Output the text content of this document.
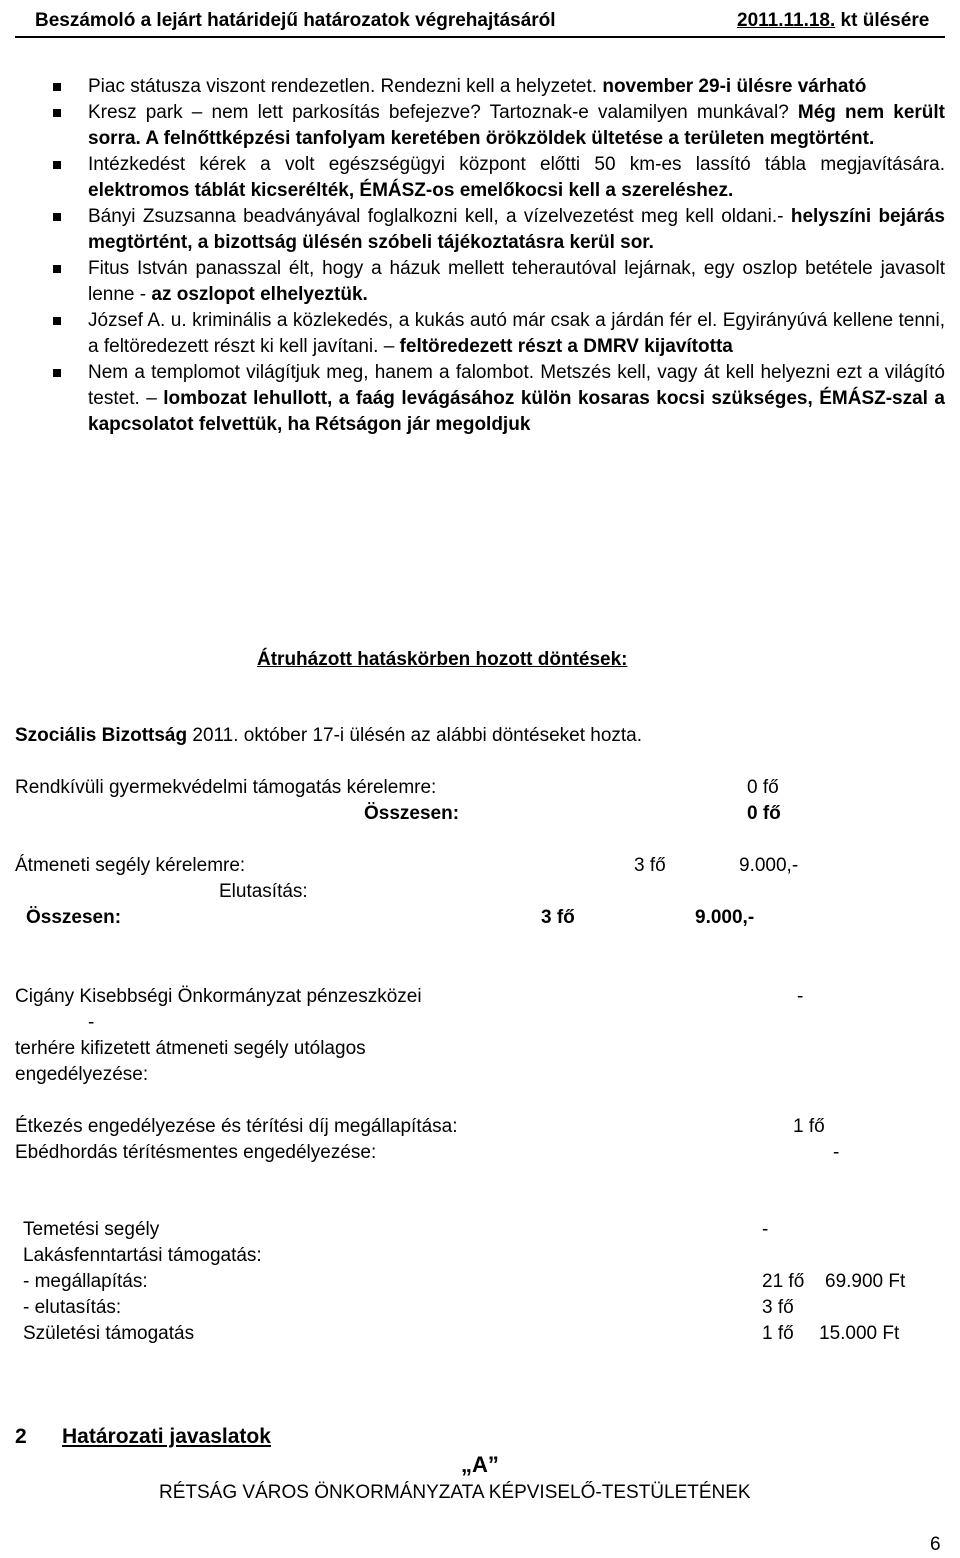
Beszámoló a lejárt határidejű határozatok végrehajtásáról	2011.11.18. kt ülésére
Piac státusza viszont rendezetlen. Rendezni kell a helyzetet. november 29-i ülésre várható
Kresz park – nem lett parkosítás befejezve? Tartoznak-e valamilyen munkával? Még nem került sorra. A felnőttképzési tanfolyam keretében örökzöldek ültetése a területen megtörtént.
Intézkedést kérek a volt egészségügyi központ előtti 50 km-es lassító tábla megjavítására. elektromos táblát kicserélték, ÉMÁSZ-os emelőkocsi kell a szereléshez.
Bányi Zsuzsanna beadványával foglalkozni kell, a vízelvezetést meg kell oldani.- helyszíni bejárás megtörtént, a bizottság ülésén szóbeli tájékoztatásra kerül sor.
Fitus István panasszal élt, hogy a házuk mellett teherautóval lejárnak, egy oszlop betétele javasolt lenne - az oszlopot elhelyeztük.
József A. u. kriminális a közlekedés, a kukás autó már csak a járdán fér el. Egyirányúvá kellene tenni, a feltöredezett részt ki kell javítani. – feltöredezett részt a DMRV kijavította
Nem a templomot világítjuk meg, hanem a falombot. Metszés kell, vagy át kell helyezni ezt a világító testet. – lombozat lehullott, a faág levágásához külön kosaras kocsi szükséges, ÉMÁSZ-szal a kapcsolatot felvettük, ha Rétságon jár megoldjuk
Átruházott hatáskörben hozott döntések:
Szociális Bizottság 2011. október 17-i ülésén az alábbi döntéseket hozta.
Rendkívüli gyermekvédelmi támogatás kérelemre:	0 fő
Összesen:	0 fő
Átmeneti segély kérelemre:	3 fő	9.000,-
Elutasítás:
Összesen:	3 fő	9.000,-
Cigány Kisebbségi Önkormányzat pénzeszközei	-
-
terhére kifizetett átmeneti segély utólagos
engedélyezése:
Étkezés engedélyezése és térítési díj megállapítása:	1 fő
Ebédhordás térítésmentes engedélyezése:	-
Temetési segély	-
Lakásfenntartási támogatás:
- megállapítás:	21 fő 69.900 Ft
- elutasítás:	3 fő
Születési támogatás	1 fő 15.000 Ft
2 Határozati javaslatok
„A”
RÉTSÁG VÁROS ÖNKORMÁNYZATA KÉPVISELŐ-TESTÜLETÉNEK
6
